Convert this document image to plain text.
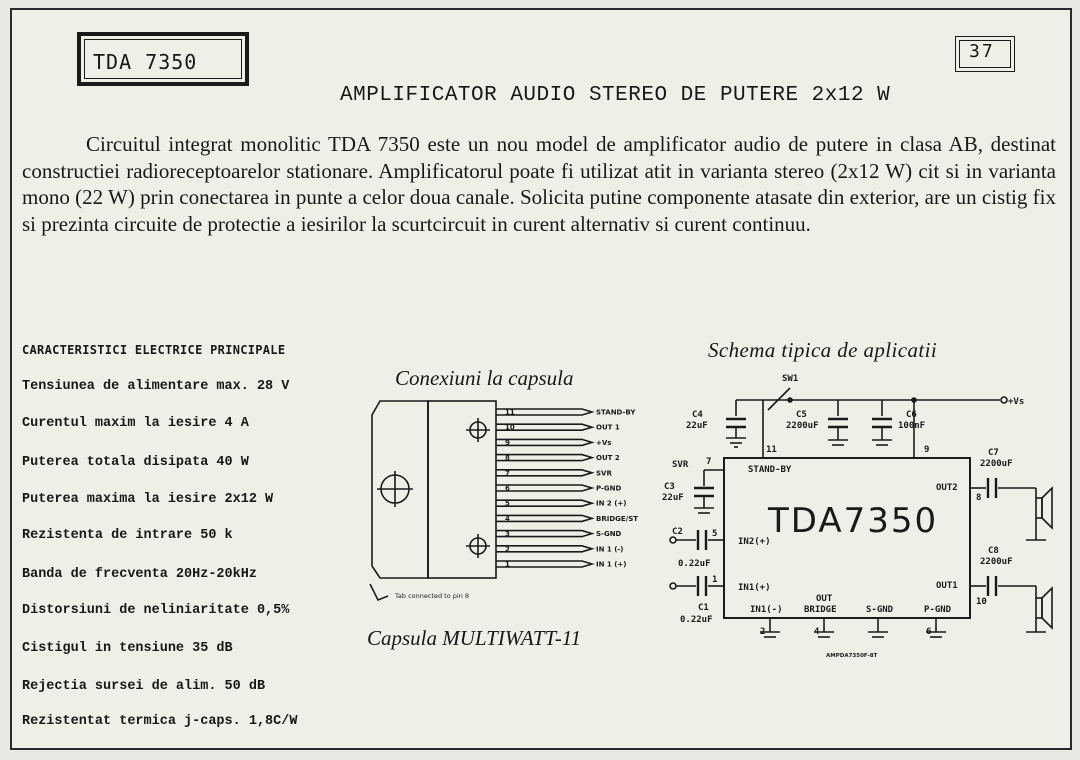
TDA 7350	37
AMPLIFICATOR AUDIO STEREO DE PUTERE 2x12 W

Circuitul integrat monolitic TDA 7350 este un nou model de amplificator audio de putere in clasa AB, destinat constructiei radioreceptoarelor stationare. Amplificatorul poate fi utilizat atit in varianta stereo (2x12 W) cit si in varianta mono (22 W) prin conectarea in punte a celor doua canale. Solicita putine componente atasate din exterior, are un cistig fix si prezinta circuite de protectie a iesirilor la scurtcircuit in curent alternativ si curent continuu.

CARACTERISTICI ELECTRICE PRINCIPALE
Tensiunea de alimentare max. 28 V
Curentul maxim la iesire 4 A
Puterea totala disipata 40 W
Puterea maxima la iesire 2x12 W
Rezistenta de intrare 50 k
Banda de frecventa 20Hz-20kHz
Distorsiuni de neliniaritate 0,5%
Cistigul in tensiune 35 dB
Rejectia sursei de alim. 50 dB
Rezistentat termica j-caps. 1,8C/W
Conexiuni la capsula
Capsula MULTIWATT-11
Schema tipica de aplicatii
Tab connected to pin 8
+Vs
SW1
C4
22uF
C5
2200uF
C6
100nF
SVR
C3
22uF
C2
0.22uF
C1
0.22uF
C7
2200uF
C8
2200uF
TDA7350
STAND-BY
OUT2
OUT1
IN2(+)
IN1(+)
IN1(-)
OUT
BRIDGE	S-GND	P-GND
11	9
7
8
10
5
1
2	4	6
AMPDA7350F-8T
11	STAND-BY
10	OUT 1
9	+Vs
8	OUT 2
7	SVR
6	P-GND
5	IN 2 (+)
4	BRIDGE/ST
3	S-GND
2	IN 1 (-)
1	IN 1 (+)
